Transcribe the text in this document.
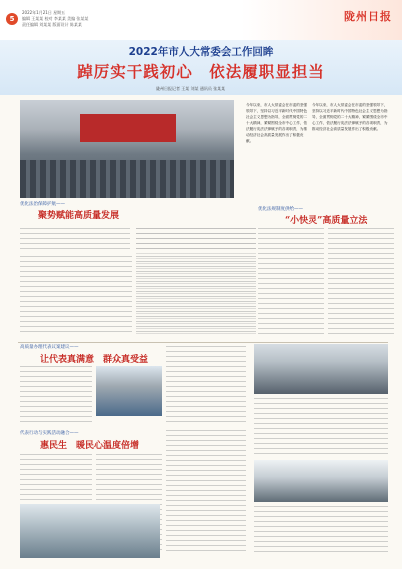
5
2022年1月21日 星期五
编辑 王某某 校对 李某某 美编 张某某
责任编辑 刘某某 版面设计 陈某某
陇州日报
2022年市人大常委会工作回眸
踔厉实干践初心　依法履职显担当
陇州日报记者 王某 刘某 通讯员 张某某
今年以来，市人大常委会在市委的坚强领导下，坚持以习近平新时代中国特色社会主义思想为指导，全面贯彻党的二十大精神，紧紧围绕全市中心工作，依法履行宪法法律赋予的各项职责，为推动经济社会高质量发展作出了积极贡献。
今年以来，市人大常委会在市委的坚强领导下，坚持以习近平新时代中国特色社会主义思想为指导，全面贯彻党的二十大精神，紧紧围绕全市中心工作，依法履行宪法法律赋予的各项职责，为推动经济社会高质量发展作出了积极贡献。
优化法治保障护航——
聚势赋能高质量发展
优化法规制度供给——
“小快灵”高质量立法
高质量办理代表议案建议——
让代表真满意　群众真受益
代表行动与实践活动融合——
惠民生　暖民心温度倍增
